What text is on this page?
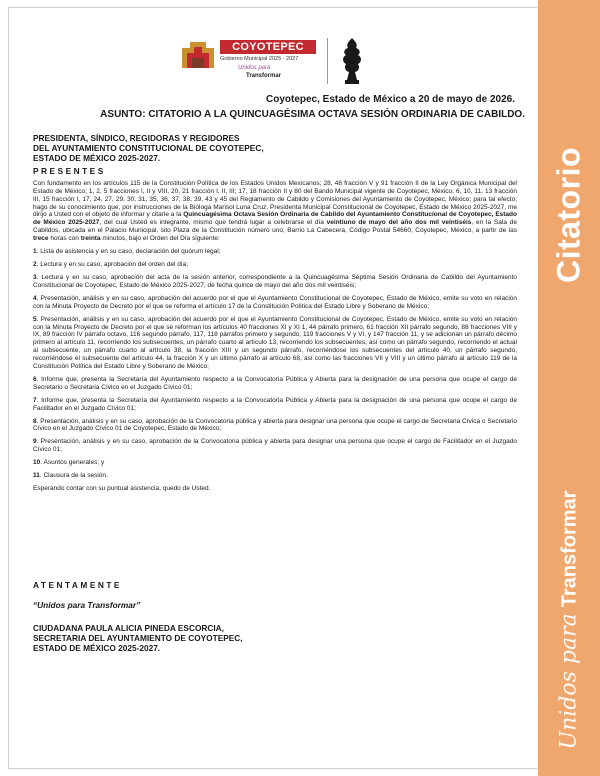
Citatorio
Unidos paraTransformar
COYOTEPEC
Gobierno Municipal 2025 - 2027
Unidos para
Transformar
Coyotepec, Estado de México a 20 de mayo de 2026.
ASUNTO: CITATORIO A LA QUINCUAGÉSIMA OCTAVA SESIÓN ORDINARIA DE CABILDO.
PRESIDENTA, SÍNDICO, REGIDORAS Y REGIDORES
DEL AYUNTAMIENTO CONSTITUCIONAL DE COYOTEPEC,
ESTADO DE MÉXICO 2025-2027.
PRESENTES

Con fundamento en los artículos 115 de la Constitución Política de los Estados Unidos Mexicanos; 28, 48 fracción V y 91 fracción II de la Ley Orgánica Municipal del Estado de México; 1, 2, 5 fracciones I, II y VIII, 20, 21 fracción I, II, III; 17, 18 fracción II y 80 del Bando Municipal vigente de Coyotepec, México; 6, 10, 11, 13 fracción III, 15 fracción I, 17, 24, 27, 29, 30, 31, 35, 36, 37, 38, 39, 43 y 45 del Reglamento de Cabildo y Comisiones del Ayuntamiento de Coyotepec, México; para tal efecto; hago de su conocimiento que, por instrucciones de la Bióloga Marisol Luna Cruz, Presidenta Municipal Constitucional de Coyotepec, Estado de México 2025-2027, me dirijo a Usted con el objeto de informar y citarle a la Quincuagésima Octava Sesión Ordinaria de Cabildo del Ayuntamiento Constitucional de Coyotepec, Estado de México 2025-2027, del cual Usted es integrante, mismo que tendrá lugar a celebrarse el día veintiuno de mayo del año dos mil veintiséis, en la Sala de Cabildos, ubicada en el Palacio Municipal, sito Plaza de la Constitución número uno, Barrio La Cabecera, Código Postal 54660, Coyotepec, México, a partir de las trece horas con treinta minutos, bajo el Orden del Día siguiente:

1. Lista de asistencia y en su caso, declaración del quórum legal;

2. Lectura y en su caso, aprobación del orden del día;

3. Lectura y en su caso, aprobación del acta de la sesión anterior, correspondiente a la Quincuagésima Séptima Sesión Ordinaria de Cabildo del Ayuntamiento Constitucional de Coyotepec, Estado de México 2025-2027, de fecha quince de mayo del año dos mil veintiséis;

4. Presentación, análisis y en su caso, aprobación del acuerdo por el que el Ayuntamiento Constitucional de Coyotepec, Estado de México, emite su voto en relación con la Minuta Proyecto de Decreto por el que se reforma el artículo 17 de la Constitución Política del Estado Libre y Soberano de México;

5. Presentación, análisis y en su caso, aprobación del acuerdo por el que el Ayuntamiento Constitucional de Coyotepec, Estado de México, emite su voto en relación con la Minuta Proyecto de Decreto por el que se reforman los artículos 40 fracciones XI y XI 1, 44 párrafo primero, 61 fracción XII párrafo segundo, 88 fracciones VIII y IX, 89 fracción IV párrafo octavo, 116 segundo párrafo, 117, 118 párrafos primero y segundo, 119 fracciones V y VI, y 147 fracción 11; y se adicionan un párrafo décimo primero al artículo 11, recorriendo los subsecuentes, un párrafo cuarto al artículo 13, recorriendo los subsecuentes, así como un párrafo segundo, recorriendo el actual al subsecuente, un párrafo cuarto al artículo 38, la fracción XIII y un segundo párrafo, recorriéndose los subsecuentes del artículo 40, un párrafo segundo, recorriéndose el subsecuente del artículo 44, la fracción X y un último párrafo al artículo 68, así como las fracciones VII y VIII y un último párrafo al artículo 119 de la Constitución Política del Estado Libre y Soberano de México;

6. Informe que, presenta la Secretaría del Ayuntamiento respecto a la Convocatoria Pública y Abierta para la designación de una persona que ocupe el cargo de Secretario o Secretaria Cívico en el Juzgado Cívico 01;

7. Informe que, presenta la Secretaría del Ayuntamiento respecto a la Convocatoria Pública y Abierta para la designación de una persona que ocupe el cargo de Facilitador en el Juzgado Cívico 01;

8. Presentación, análisis y en su caso, aprobación de la Convocatoria pública y abierta para designar una persona que ocupe el cargo de Secretaria Cívica o Secretario Cívico en el Juzgado Cívico 01 de Coyotepec, Estado de México;

9. Presentación, análisis y en su caso, aprobación de la Convocatoria pública y abierta para designar una persona que ocupe el cargo de Facilitador en el Juzgado Cívico 01;

10. Asuntos generales; y

11. Clausura de la sesión.

Esperando contar con su puntual asistencia, quedo de Usted.

ATENTAMENTE
“Unidos para Transformar”
CIUDADANA PAULA ALICIA PINEDA ESCORCIA,
SECRETARIA DEL AYUNTAMIENTO DE COYOTEPEC,
ESTADO DE MÉXICO 2025-2027.
